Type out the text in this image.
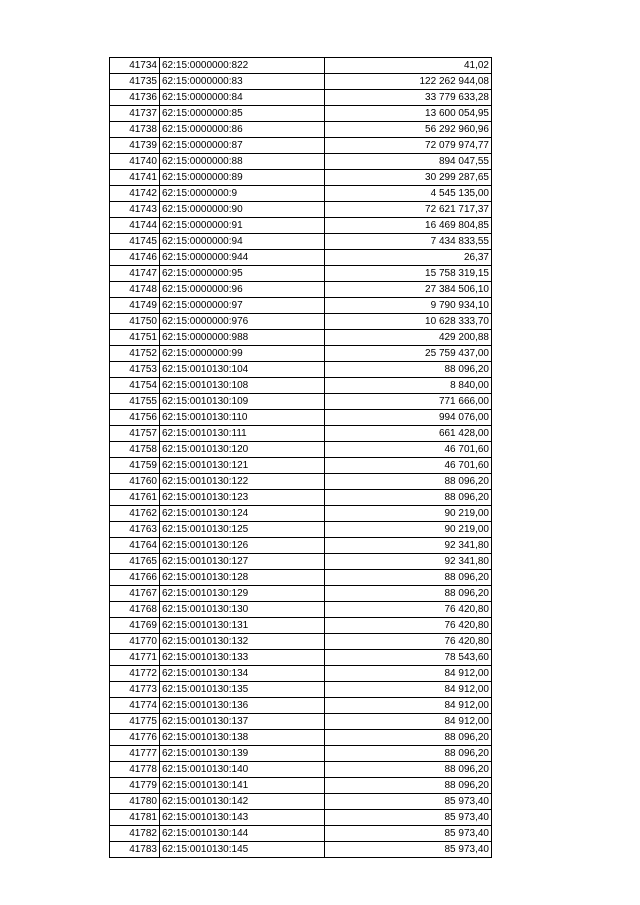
41734	62:15:0000000:822	41,02
41735	62:15:0000000:83	122 262 944,08
41736	62:15:0000000:84	33 779 633,28
41737	62:15:0000000:85	13 600 054,95
41738	62:15:0000000:86	56 292 960,96
41739	62:15:0000000:87	72 079 974,77
41740	62:15:0000000:88	894 047,55
41741	62:15:0000000:89	30 299 287,65
41742	62:15:0000000:9	4 545 135,00
41743	62:15:0000000:90	72 621 717,37
41744	62:15:0000000:91	16 469 804,85
41745	62:15:0000000:94	7 434 833,55
41746	62:15:0000000:944	26,37
41747	62:15:0000000:95	15 758 319,15
41748	62:15:0000000:96	27 384 506,10
41749	62:15:0000000:97	9 790 934,10
41750	62:15:0000000:976	10 628 333,70
41751	62:15:0000000:988	429 200,88
41752	62:15:0000000:99	25 759 437,00
41753	62:15:0010130:104	88 096,20
41754	62:15:0010130:108	8 840,00
41755	62:15:0010130:109	771 666,00
41756	62:15:0010130:110	994 076,00
41757	62:15:0010130:111	661 428,00
41758	62:15:0010130:120	46 701,60
41759	62:15:0010130:121	46 701,60
41760	62:15:0010130:122	88 096,20
41761	62:15:0010130:123	88 096,20
41762	62:15:0010130:124	90 219,00
41763	62:15:0010130:125	90 219,00
41764	62:15:0010130:126	92 341,80
41765	62:15:0010130:127	92 341,80
41766	62:15:0010130:128	88 096,20
41767	62:15:0010130:129	88 096,20
41768	62:15:0010130:130	76 420,80
41769	62:15:0010130:131	76 420,80
41770	62:15:0010130:132	76 420,80
41771	62:15:0010130:133	78 543,60
41772	62:15:0010130:134	84 912,00
41773	62:15:0010130:135	84 912,00
41774	62:15:0010130:136	84 912,00
41775	62:15:0010130:137	84 912,00
41776	62:15:0010130:138	88 096,20
41777	62:15:0010130:139	88 096,20
41778	62:15:0010130:140	88 096,20
41779	62:15:0010130:141	88 096,20
41780	62:15:0010130:142	85 973,40
41781	62:15:0010130:143	85 973,40
41782	62:15:0010130:144	85 973,40
41783	62:15:0010130:145	85 973,40
